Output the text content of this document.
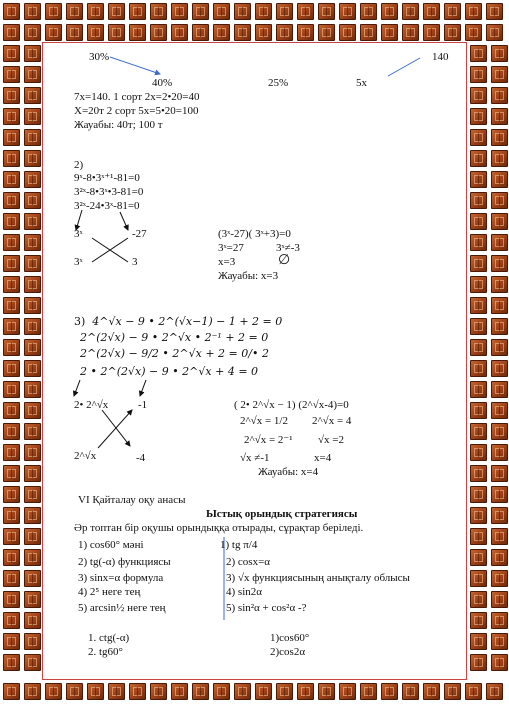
30%	140
40%	25%	5x
7x=140. 1 сорт 2x=2•20=40
X=20т 2 сорт 5x=5•20=100
Жауабы: 40т; 100 т
2)
9ˣ-8•3ˣ⁺¹-81=0
3²ˣ-8•3ˣ•3-81=0
3²ˣ-24•3ˣ-81=0
3ˣ	-27
3ˣ	3
(3ˣ-27)( 3ˣ+3)=0
3ˣ=27	3ˣ≠-3
x=3	∅
Жауабы: x=3
3) 4^√x − 9 • 2^(√x−1) − 1 + 2 = 0
2^(2√x) − 9 • 2^√x • 2⁻¹ + 2 = 0
2^(2√x) − 9/2 • 2^√x + 2 = 0/• 2
2 • 2^(2√x) − 9 • 2^√x + 4 = 0
2• 2^√x	-1
2^√x	-4
( 2• 2^√x − 1) (2^√x-4)=0
2^√x = 1/2 2^√x = 4
2^√x = 2⁻¹ √x =2
√x ≠-1	x=4
Жауабы: x=4
VI Қайталау оқу анасы
Ыстық орындық стратегиясы
Әр топтан бір оқушы орындыққа отырады, сұрақтар беріледі.
1) cos60° мәні
2) tg(-α) функциясы
3) sinx=α формула
4) 2⁵ неге тең
5) arcsin½ неге тең
1) tg π/4
2) cosx=α
3) √x функциясының анықталу облысы
4) sin2α
5) sin²α + cos²α -?
1. ctg(-α)
2. tg60°
1)cos60°
2)cos2α
